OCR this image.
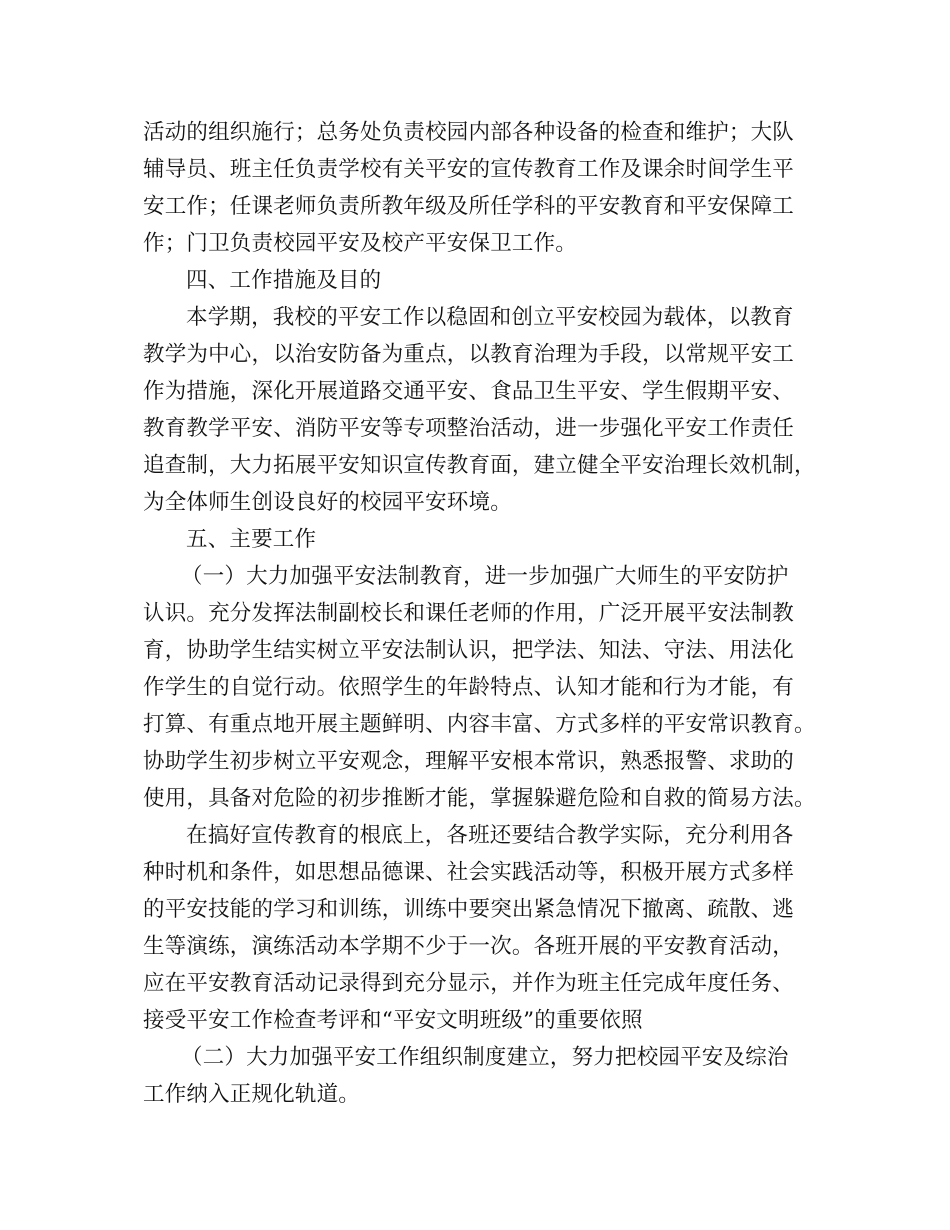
活动的组织施行；总务处负责校园内部各种设备的检查和维护；大队
辅导员、班主任负责学校有关平安的宣传教育工作及课余时间学生平
安工作；任课老师负责所教年级及所任学科的平安教育和平安保障工
作；门卫负责校园平安及校产平安保卫工作。
四、工作措施及目的
本学期，我校的平安工作以稳固和创立平安校园为载体，以教育
教学为中心，以治安防备为重点，以教育治理为手段，以常规平安工
作为措施，深化开展道路交通平安、食品卫生平安、学生假期平安、
教育教学平安、消防平安等专项整治活动，进一步强化平安工作责任
追查制，大力拓展平安知识宣传教育面，建立健全平安治理长效机制，
为全体师生创设良好的校园平安环境。
五、主要工作
（一）大力加强平安法制教育，进一步加强广大师生的平安防护
认识。充分发挥法制副校长和课任老师的作用，广泛开展平安法制教
育，协助学生结实树立平安法制认识，把学法、知法、守法、用法化
作学生的自觉行动。依照学生的年龄特点、认知才能和行为才能，有
打算、有重点地开展主题鲜明、内容丰富、方式多样的平安常识教育。
协助学生初步树立平安观念，理解平安根本常识，熟悉报警、求助的
使用，具备对危险的初步推断才能，掌握躲避危险和自救的简易方法。
在搞好宣传教育的根底上，各班还要结合教学实际，充分利用各
种时机和条件，如思想品德课、社会实践活动等，积极开展方式多样
的平安技能的学习和训练，训练中要突出紧急情况下撤离、疏散、逃
生等演练，演练活动本学期不少于一次。各班开展的平安教育活动，
应在平安教育活动记录得到充分显示，并作为班主任完成年度任务、
接受平安工作检查考评和“平安文明班级”的重要依照
（二）大力加强平安工作组织制度建立，努力把校园平安及综治
工作纳入正规化轨道。
